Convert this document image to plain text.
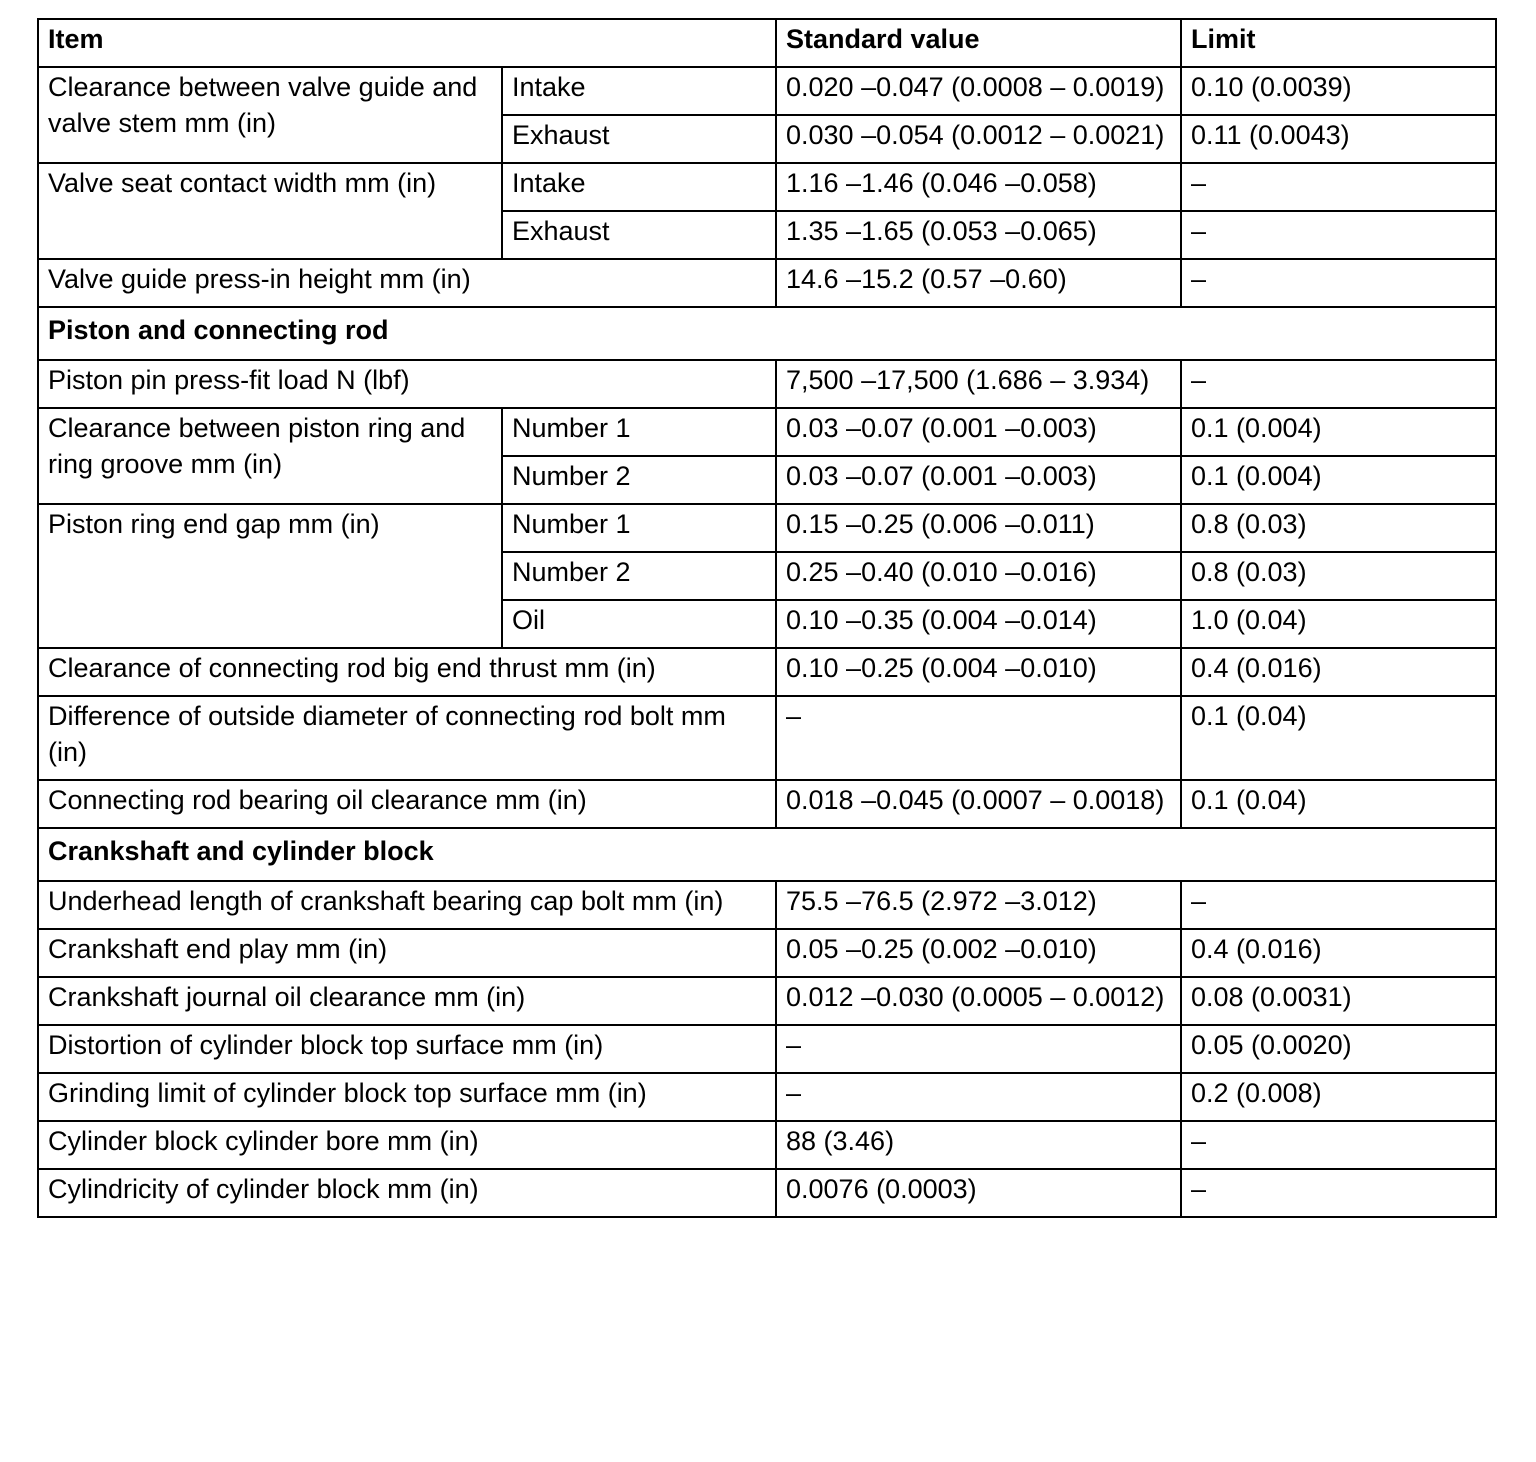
Item		Standard value	Limit
Clearance between valve guide and valve stem mm (in)	Intake	0.020 –0.047 (0.0008 – 0.0019)	0.10 (0.0039)
	Exhaust	0.030 –0.054 (0.0012 – 0.0021)	0.11 (0.0043)
Valve seat contact width mm (in)	Intake	1.16 –1.46 (0.046 –0.058)	–
	Exhaust	1.35 –1.65 (0.053 –0.065)	–
Valve guide press-in height mm (in)		14.6 –15.2 (0.57 –0.60)	–
Piston and connecting rod			
Piston pin press-fit load N (lbf)		7,500 –17,500 (1.686 – 3.934)	–
Clearance between piston ring and ring groove mm (in)	Number 1	0.03 –0.07 (0.001 –0.003)	0.1 (0.004)
	Number 2	0.03 –0.07 (0.001 –0.003)	0.1 (0.004)
Piston ring end gap mm (in)	Number 1	0.15 –0.25 (0.006 –0.011)	0.8 (0.03)
	Number 2	0.25 –0.40 (0.010 –0.016)	0.8 (0.03)
	Oil	0.10 –0.35 (0.004 –0.014)	1.0 (0.04)
Clearance of connecting rod big end thrust mm (in)		0.10 –0.25 (0.004 –0.010)	0.4 (0.016)
Difference of outside diameter of connecting rod bolt mm (in)		–	0.1 (0.04)
Connecting rod bearing oil clearance mm (in)		0.018 –0.045 (0.0007 – 0.0018)	0.1 (0.04)
Crankshaft and cylinder block			
Underhead length of crankshaft bearing cap bolt mm (in)		75.5 –76.5 (2.972 –3.012)	–
Crankshaft end play mm (in)		0.05 –0.25 (0.002 –0.010)	0.4 (0.016)
Crankshaft journal oil clearance mm (in)		0.012 –0.030 (0.0005 – 0.0012)	0.08 (0.0031)
Distortion of cylinder block top surface mm (in)		–	0.05 (0.0020)
Grinding limit of cylinder block top surface mm (in)		–	0.2 (0.008)
Cylinder block cylinder bore mm (in)		88 (3.46)	–
Cylindricity of cylinder block mm (in)		0.0076 (0.0003)	–
